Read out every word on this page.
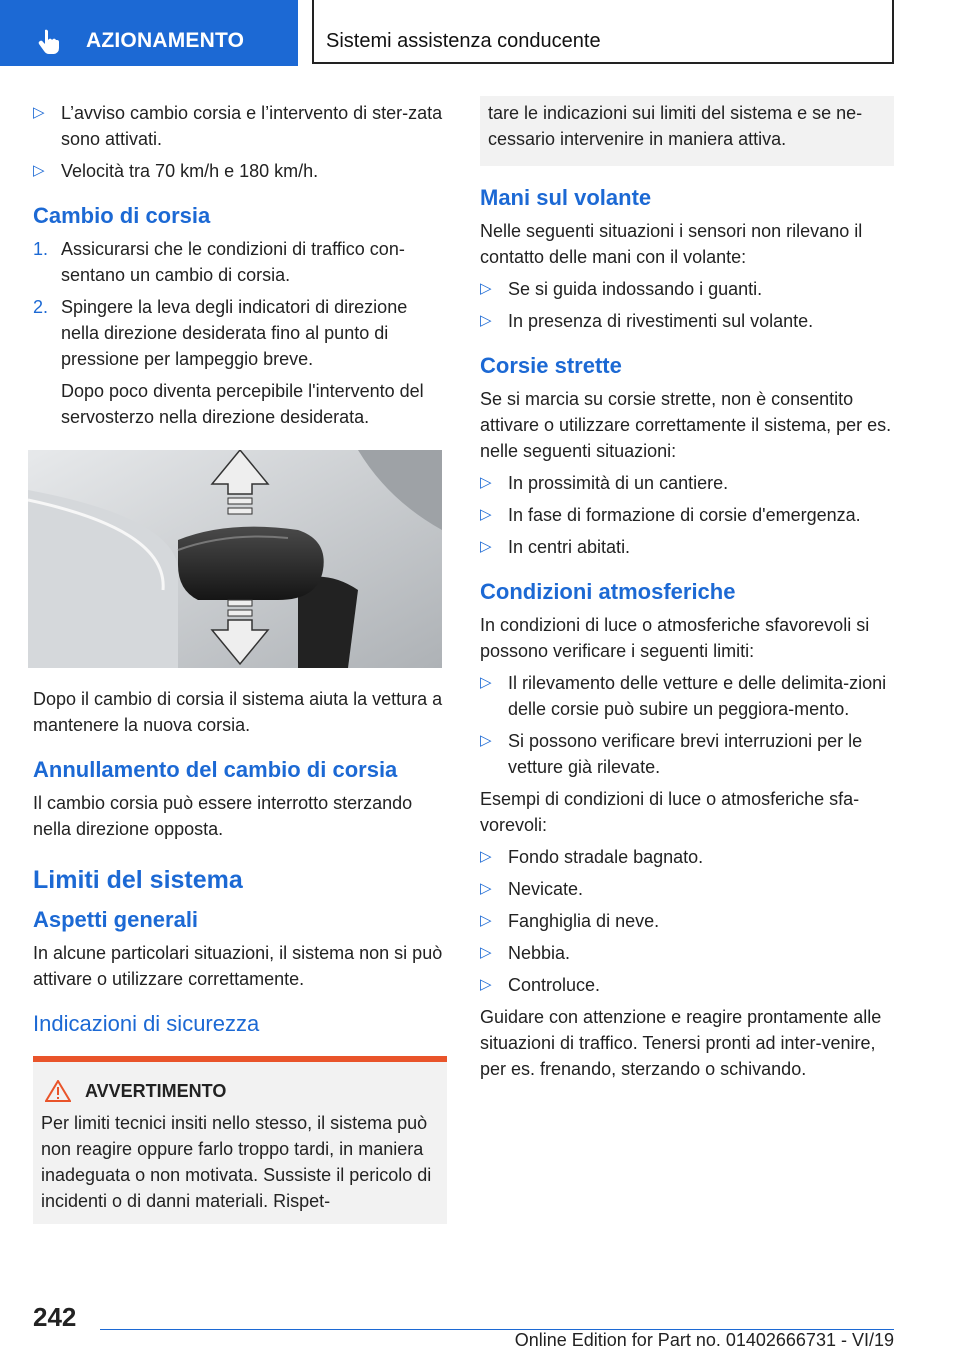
AZIONAMENTO	Sistemi assistenza conducente
▷ L’avviso cambio corsia e l’intervento di ster-zata sono attivati.
▷ Velocità tra 70 km/h e 180 km/h.
Cambio di corsia
1. Assicurarsi che le condizioni di traffico con-sentano un cambio di corsia.
2. Spingere la leva degli indicatori di direzione nella direzione desiderata fino al punto di pressione per lampeggio breve.
Dopo poco diventa percepibile l'intervento del servosterzo nella direzione desiderata.
Dopo il cambio di corsia il sistema aiuta la vettura a mantenere la nuova corsia.
Annullamento del cambio di corsia
Il cambio corsia può essere interrotto sterzando nella direzione opposta.
Limiti del sistema
Aspetti generali
In alcune particolari situazioni, il sistema non si può attivare o utilizzare correttamente.
Indicazioni di sicurezza
AVVERTIMENTO
Per limiti tecnici insiti nello stesso, il sistema può non reagire oppure farlo troppo tardi, in maniera inadeguata o non motivata. Sussiste il pericolo di incidenti o di danni materiali. Rispet-
tare le indicazioni sui limiti del sistema e se ne-cessario intervenire in maniera attiva.
Mani sul volante
Nelle seguenti situazioni i sensori non rilevano il contatto delle mani con il volante:
▷ Se si guida indossando i guanti.
▷ In presenza di rivestimenti sul volante.
Corsie strette
Se si marcia su corsie strette, non è consentito attivare o utilizzare correttamente il sistema, per es. nelle seguenti situazioni:
▷ In prossimità di un cantiere.
▷ In fase di formazione di corsie d'emergenza.
▷ In centri abitati.
Condizioni atmosferiche
In condizioni di luce o atmosferiche sfavorevoli si possono verificare i seguenti limiti:
▷ Il rilevamento delle vetture e delle delimita-zioni delle corsie può subire un peggiora-mento.
▷ Si possono verificare brevi interruzioni per le vetture già rilevate.
Esempi di condizioni di luce o atmosferiche sfa-vorevoli:
▷ Fondo stradale bagnato.
▷ Nevicate.
▷ Fanghiglia di neve.
▷ Nebbia.
▷ Controluce.
Guidare con attenzione e reagire prontamente alle situazioni di traffico. Tenersi pronti ad inter-venire, per es. frenando, sterzando o schivando.
242
Online Edition for Part no. 01402666731 - VI/19
